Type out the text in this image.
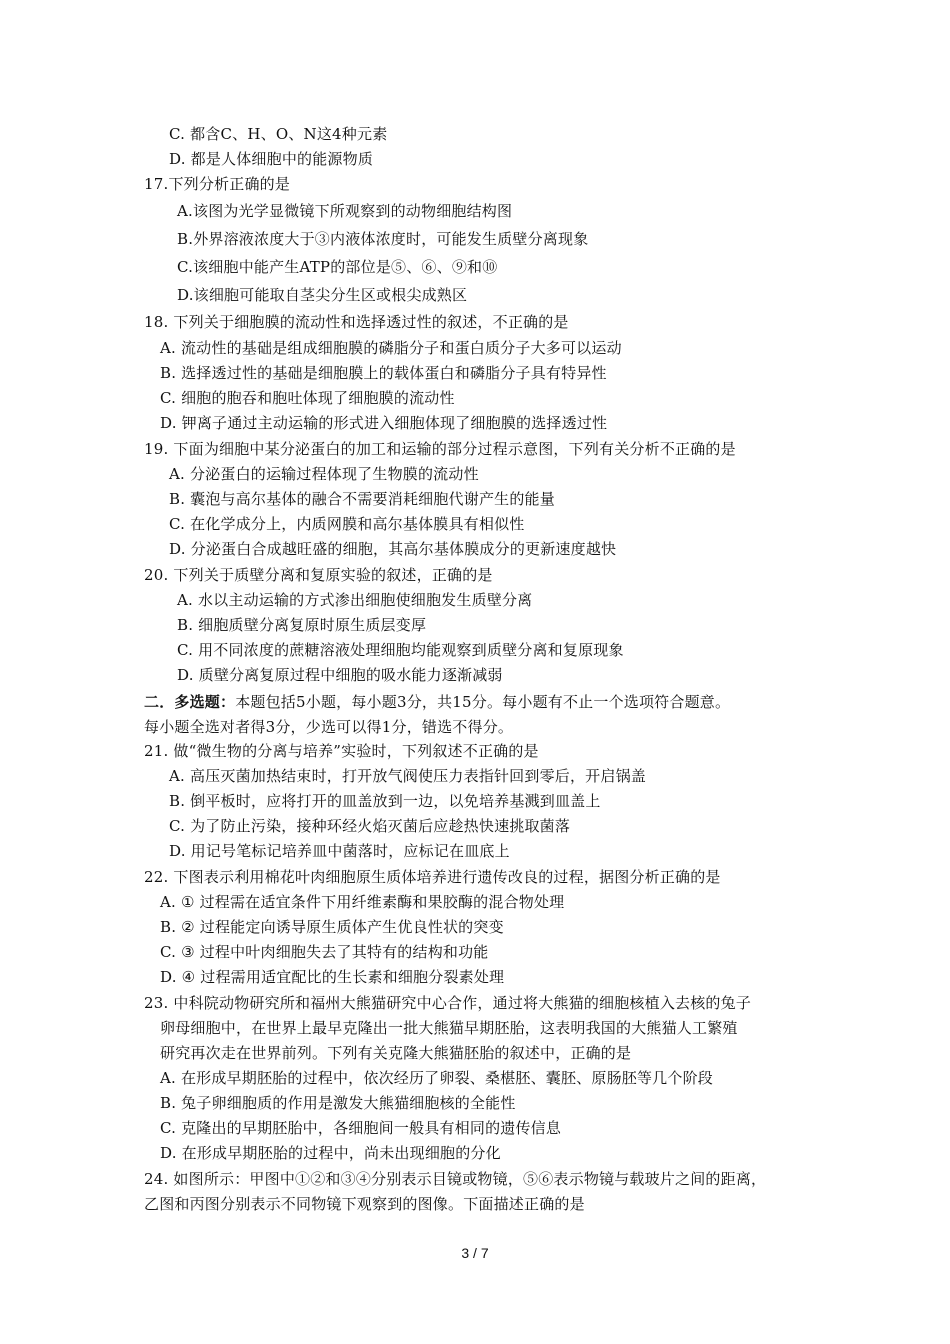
C. 都含C、H、O、N这4种元素
D. 都是人体细胞中的能源物质
17.下列分析正确的是
A.该图为光学显微镜下所观察到的动物细胞结构图
B.外界溶液浓度大于③内液体浓度时，可能发生质壁分离现象
C.该细胞中能产生ATP的部位是⑤、⑥、⑨和⑩
D.该细胞可能取自茎尖分生区或根尖成熟区
18. 下列关于细胞膜的流动性和选择透过性的叙述，不正确的是
A. 流动性的基础是组成细胞膜的磷脂分子和蛋白质分子大多可以运动
B. 选择透过性的基础是细胞膜上的载体蛋白和磷脂分子具有特异性
C. 细胞的胞吞和胞吐体现了细胞膜的流动性
D. 钾离子通过主动运输的形式进入细胞体现了细胞膜的选择透过性
19. 下面为细胞中某分泌蛋白的加工和运输的部分过程示意图，下列有关分析不正确的是
A. 分泌蛋白的运输过程体现了生物膜的流动性
B. 囊泡与高尔基体的融合不需要消耗细胞代谢产生的能量
C. 在化学成分上，内质网膜和高尔基体膜具有相似性
D. 分泌蛋白合成越旺盛的细胞，其高尔基体膜成分的更新速度越快
20. 下列关于质壁分离和复原实验的叙述，正确的是
A. 水以主动运输的方式渗出细胞使细胞发生质壁分离
B. 细胞质壁分离复原时原生质层变厚
C. 用不同浓度的蔗糖溶液处理细胞均能观察到质壁分离和复原现象
D. 质壁分离复原过程中细胞的吸水能力逐渐减弱
二．多选题：本题包括5小题，每小题3分，共15分。每小题有不止一个选项符合题意。
每小题全选对者得3分，少选可以得1分，错选不得分。
21. 做“微生物的分离与培养”实验时，下列叙述不正确的是
A. 高压灭菌加热结束时，打开放气阀使压力表指针回到零后，开启锅盖
B. 倒平板时，应将打开的皿盖放到一边，以免培养基溅到皿盖上
C. 为了防止污染，接种环经火焰灭菌后应趁热快速挑取菌落
D. 用记号笔标记培养皿中菌落时，应标记在皿底上
22. 下图表示利用棉花叶肉细胞原生质体培养进行遗传改良的过程，据图分析正确的是
A. ① 过程需在适宜条件下用纤维素酶和果胶酶的混合物处理
B. ② 过程能定向诱导原生质体产生优良性状的突变
C. ③ 过程中叶肉细胞失去了其特有的结构和功能
D. ④ 过程需用适宜配比的生长素和细胞分裂素处理
23. 中科院动物研究所和福州大熊猫研究中心合作，通过将大熊猫的细胞核植入去核的兔子
卵母细胞中，在世界上最早克隆出一批大熊猫早期胚胎，这表明我国的大熊猫人工繁殖
研究再次走在世界前列。下列有关克隆大熊猫胚胎的叙述中，正确的是
A. 在形成早期胚胎的过程中，依次经历了卵裂、桑椹胚、囊胚、原肠胚等几个阶段
B. 兔子卵细胞质的作用是激发大熊猫细胞核的全能性
C. 克隆出的早期胚胎中，各细胞间一般具有相同的遗传信息
D. 在形成早期胚胎的过程中，尚未出现细胞的分化
24. 如图所示：甲图中①②和③④分别表示目镜或物镜，⑤⑥表示物镜与载玻片之间的距离，
乙图和丙图分别表示不同物镜下观察到的图像。下面描述正确的是
3 / 7
